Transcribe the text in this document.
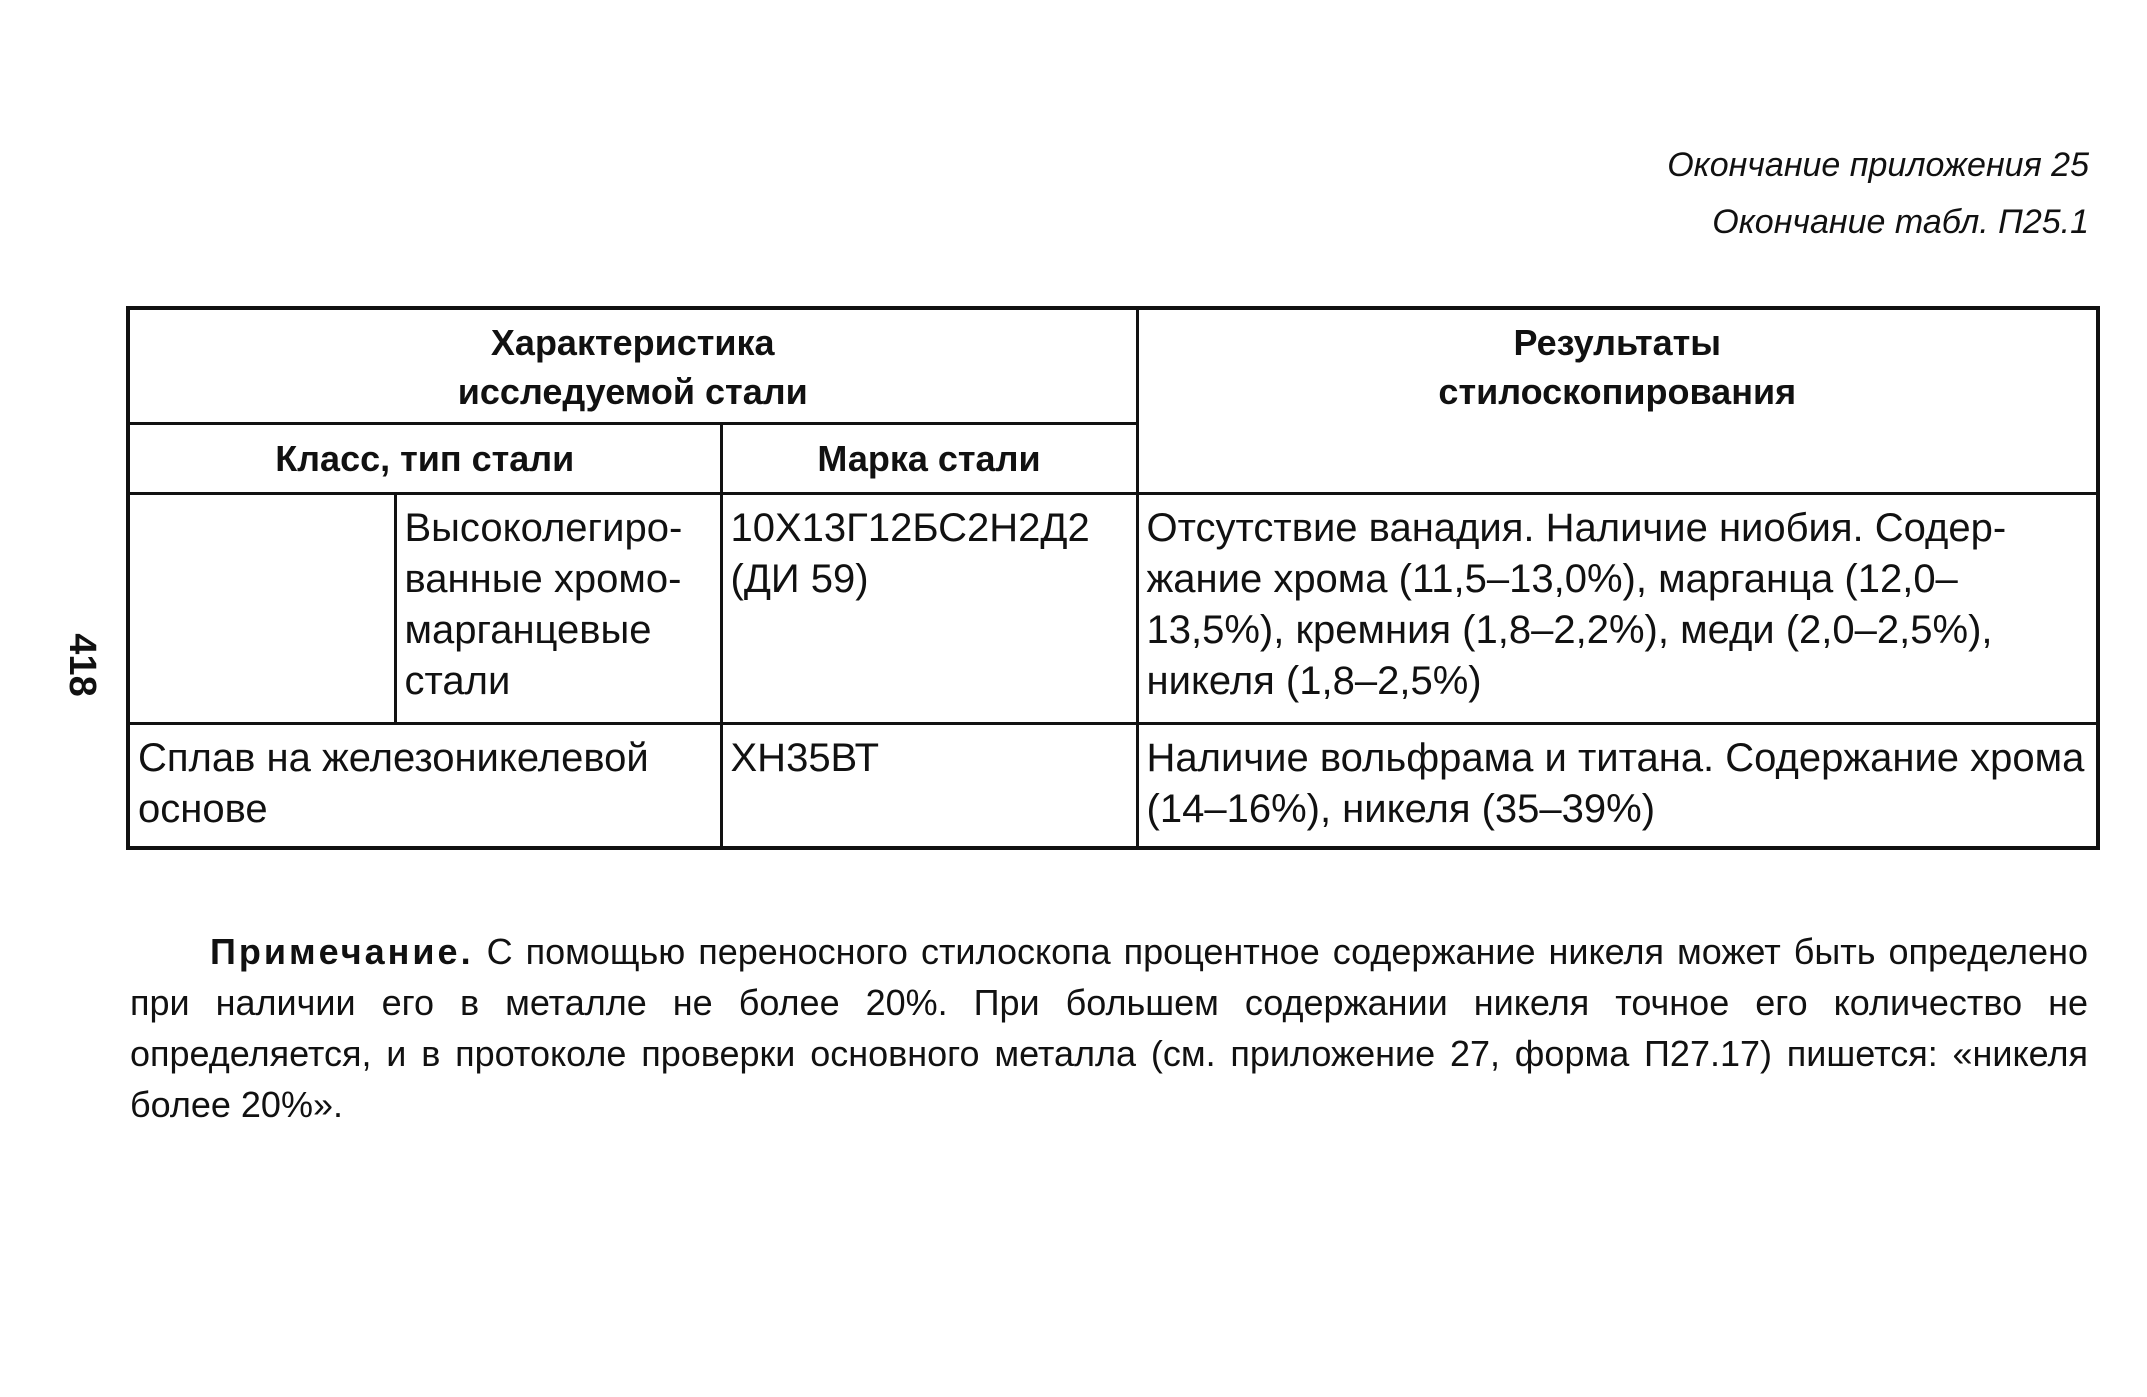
418
Окончание приложения 25
Окончание табл. П25.1
Характеристика исследуемой стали			Результаты стилоскопирования

Класс, тип стали		Марка стали	
	Высоколегиро-ванные хромо-марганцевые стали	10Х13Г12БС2Н2Д2 (ДИ 59)	Отсутствие ванадия. Наличие ниобия. Содер-жание хрома (11,5–13,0%), марганца (12,0–13,5%), кремния (1,8–2,2%), меди (2,0–2,5%), никеля (1,8–2,5%)
Сплав на железоникелевой основе		ХН35ВТ	Наличие вольфрама и титана. Содержание хрома (14–16%), никеля (35–39%)

Примечание. С помощью переносного стилоскопа процентное содержание никеля может быть определено при наличии его в металле не более 20%. При большем содержании никеля точное его количество не определяется, и в протоколе проверки основного металла (см. приложение 27, форма П27.17) пишется: «никеля более 20%».
